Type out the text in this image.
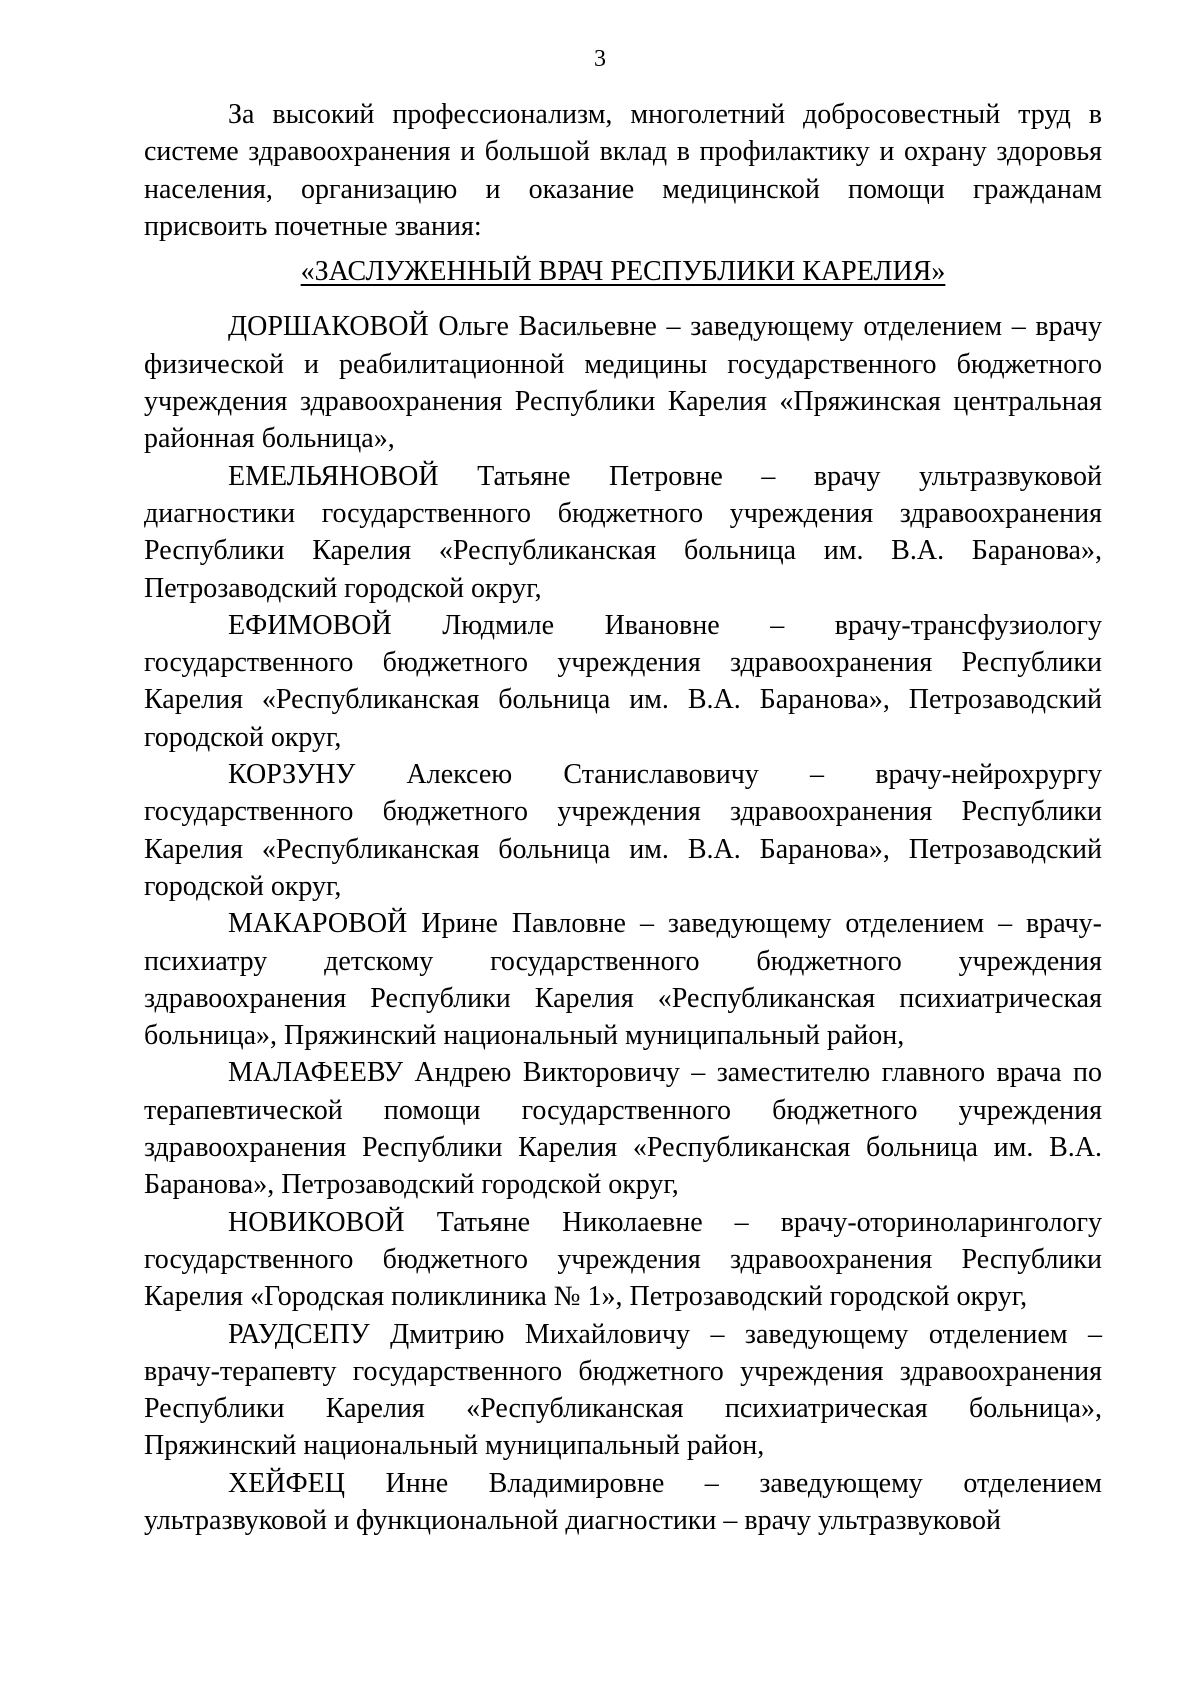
3

За высокий профессионализм, многолетний добросовестный труд в системе здравоохранения и большой вклад в профилактику и охрану здоровья населения, организацию и оказание медицинской помощи гражданам присвоить почетные звания:

«ЗАСЛУЖЕННЫЙ ВРАЧ РЕСПУБЛИКИ КАРЕЛИЯ»

ДОРШАКОВОЙ Ольге Васильевне – заведующему отделением – врачу физической и реабилитационной медицины государственного бюджетного учреждения здравоохранения Республики Карелия «Пряжинская центральная районная больница»,

ЕМЕЛЬЯНОВОЙ Татьяне Петровне – врачу ультразвуковой диагностики государственного бюджетного учреждения здравоохранения Республики Карелия «Республиканская больница им. В.А. Баранова», Петрозаводский городской округ,

ЕФИМОВОЙ Людмиле Ивановне – врачу-трансфузиологу государственного бюджетного учреждения здравоохранения Республики Карелия «Республиканская больница им. В.А. Баранова», Петрозаводский городской округ,

КОРЗУНУ Алексею Станиславовичу – врачу-нейрохрургу государственного бюджетного учреждения здравоохранения Республики Карелия «Республиканская больница им. В.А. Баранова», Петрозаводский городской округ,

МАКАРОВОЙ Ирине Павловне – заведующему отделением – врачу-психиатру детскому государственного бюджетного учреждения здравоохранения Республики Карелия «Республиканская психиатрическая больница», Пряжинский национальный муниципальный район,

МАЛАФЕЕВУ Андрею Викторовичу – заместителю главного врача по терапевтической помощи государственного бюджетного учреждения здравоохранения Республики Карелия «Республиканская больница им. В.А. Баранова», Петрозаводский городской округ,

НОВИКОВОЙ Татьяне Николаевне – врачу-оториноларингологу государственного бюджетного учреждения здравоохранения Республики Карелия «Городская поликлиника № 1», Петрозаводский городской округ,

РАУДСЕПУ Дмитрию Михайловичу – заведующему отделением – врачу-терапевту государственного бюджетного учреждения здравоохранения Республики Карелия «Республиканская психиатрическая больница», Пряжинский национальный муниципальный район,

ХЕЙФЕЦ Инне Владимировне – заведующему отделением ультразвуковой и функциональной диагностики – врачу ультразвуковой
